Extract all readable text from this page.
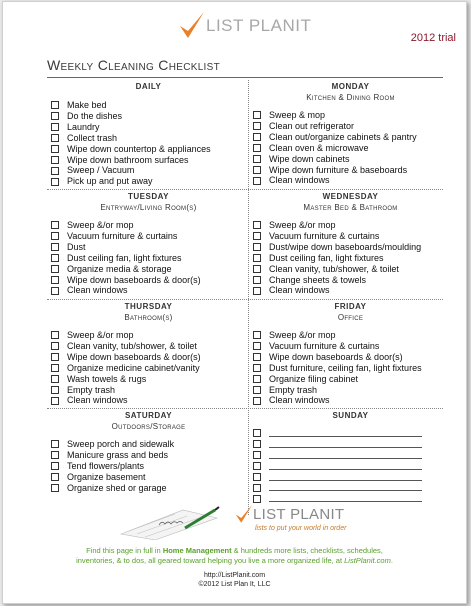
LIST PLANIT
2012 trial
Weekly Cleaning Checklist
DAILY
Make bed
Do the dishes
Laundry
Collect trash
Wipe down countertop & appliances
Wipe down bathroom surfaces
Sweep / Vacuum
Pick up and put away
MONDAY
Kitchen & Dining Room
Sweep & mop
Clean out refrigerator
Clean out/organize cabinets & pantry
Clean oven & microwave
Wipe down cabinets
Wipe down furniture & baseboards
Clean windows
TUESDAY
Entryway/Living Room(s)
Sweep &/or mop
Vacuum furniture & curtains
Dust
Dust ceiling fan, light fixtures
Organize media & storage
Wipe down baseboards & door(s)
Clean windows
WEDNESDAY
Master Bed & Bathroom
Sweep &/or mop
Vacuum furniture & curtains
Dust/wipe down baseboards/moulding
Dust ceiling fan, light fixtures
Clean vanity, tub/shower, & toilet
Change sheets & towels
Clean windows
THURSDAY
Bathroom(s)
Sweep &/or mop
Clean vanity, tub/shower, & toilet
Wipe down baseboards & door(s)
Organize medicine cabinet/vanity
Wash towels & rugs
Empty trash
Clean windows
FRIDAY
Office
Sweep &/or mop
Vacuum furniture & curtains
Wipe down baseboards & door(s)
Dust furniture, ceiling fan, light fixtures
Organize filing cabinet
Empty trash
Clean windows
SATURDAY
Outdoors/Storage
Sweep porch and sidewalk
Manicure grass and beds
Tend flowers/plants
Organize basement
Organize shed or garage
SUNDAY
LIST PLANIT
lists to put your world in order
Find this page in full in Home Management & hundreds more lists, checklists, schedules,
inventories, & to dos, all geared toward helping you live a more organized life, at ListPlanit.com.
http://ListPlanit.com
©2012 List Plan It, LLC
